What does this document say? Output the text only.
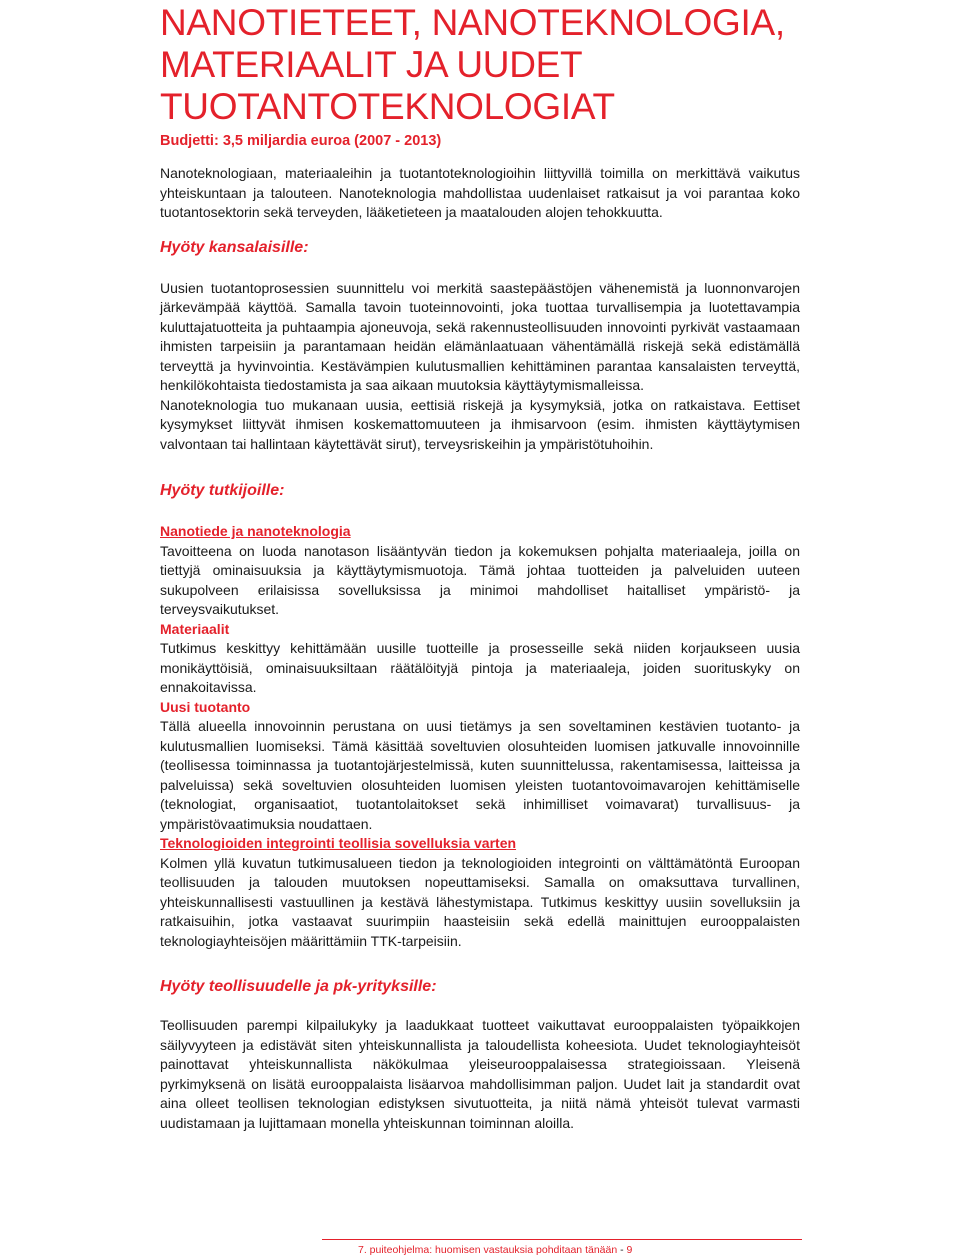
NANOTIETEET, NANOTEKNOLOGIA,
MATERIAALIT JA UUDET
TUOTANTOTEKNOLOGIAT
Budjetti: 3,5 miljardia euroa (2007 - 2013)

Nanoteknologiaan, materiaaleihin ja tuotantoteknologioihin liittyvillä toimilla on merkittävä vaikutus yhteiskuntaan ja talouteen. Nanoteknologia mahdollistaa uudenlaiset ratkaisut ja voi parantaa koko tuotantosektorin sekä terveyden, lääketieteen ja maatalouden alojen tehokkuutta.

Hyöty kansalaisille:

Uusien tuotantoprosessien suunnittelu voi merkitä saastepäästöjen vähenemistä ja luonnonvarojen järkevämpää käyttöä. Samalla tavoin tuoteinnovointi, joka tuottaa turvallisempia ja luotettavampia kuluttajatuotteita ja puhtaampia ajoneuvoja, sekä rakennusteollisuuden innovointi pyrkivät vastaamaan ihmisten tarpeisiin ja parantamaan heidän elämänlaatuaan vähentämällä riskejä sekä edistämällä terveyttä ja hyvinvointia. Kestävämpien kulutusmallien kehittäminen parantaa kansalaisten terveyttä, henkilökohtaista tiedostamista ja saa aikaan muutoksia käyttäytymismalleissa.

Nanoteknologia tuo mukanaan uusia, eettisiä riskejä ja kysymyksiä, jotka on ratkaistava. Eettiset kysymykset liittyvät ihmisen koskemattomuuteen ja ihmisarvoon (esim. ihmisten käyttäytymisen valvontaan tai hallintaan käytettävät sirut), terveysriskeihin ja ympäristötuhoihin.

Hyöty tutkijoille:
Nanotiede ja nanoteknologia

Tavoitteena on luoda nanotason lisääntyvän tiedon ja kokemuksen pohjalta materiaaleja, joilla on tiettyjä ominaisuuksia ja käyttäytymismuotoja. Tämä johtaa tuotteiden ja palveluiden uuteen sukupolveen erilaisissa sovelluksissa ja minimoi mahdolliset haitalliset ympäristö- ja terveysvaikutukset.

Materiaalit

Tutkimus keskittyy kehittämään uusille tuotteille ja prosesseille sekä niiden korjaukseen uusia monikäyttöisiä, ominaisuuksiltaan räätälöityjä pintoja ja materiaaleja, joiden suorituskyky on ennakoitavissa.

Uusi tuotanto

Tällä alueella innovoinnin perustana on uusi tietämys ja sen soveltaminen kestävien tuotanto- ja kulutusmallien luomiseksi. Tämä käsittää soveltuvien olosuhteiden luomisen jatkuvalle innovoinnille (teollisessa toiminnassa ja tuotantojärjestelmissä, kuten suunnittelussa, rakentamisessa, laitteissa ja palveluissa) sekä soveltuvien olosuhteiden luomisen yleisten tuotantovoimavarojen kehittämiselle (teknologiat, organisaatiot, tuotantolaitokset sekä inhimilliset voimavarat) turvallisuus- ja ympäristövaatimuksia noudattaen.

Teknologioiden integrointi teollisia sovelluksia varten

Kolmen yllä kuvatun tutkimusalueen tiedon ja teknologioiden integrointi on välttämätöntä Euroopan teollisuuden ja talouden muutoksen nopeuttamiseksi. Samalla on omaksuttava turvallinen, yhteiskunnallisesti vastuullinen ja kestävä lähestymistapa. Tutkimus keskittyy uusiin sovelluksiin ja ratkaisuihin, jotka vastaavat suurimpiin haasteisiin sekä edellä mainittujen eurooppalaisten teknologiayhteisöjen määrittämiin TTK-tarpeisiin.

Hyöty teollisuudelle ja pk-yrityksille:

Teollisuuden parempi kilpailukyky ja laadukkaat tuotteet vaikuttavat eurooppalaisten työpaikkojen säilyvyyteen ja edistävät siten yhteiskunnallista ja taloudellista koheesiota. Uudet teknologiayhteisöt painottavat yhteiskunnallista näkökulmaa yleiseurooppalaisessa strategioissaan. Yleisenä pyrkimyksenä on lisätä eurooppalaista lisäarvoa mahdollisimman paljon. Uudet lait ja standardit ovat aina olleet teollisen teknologian edistyksen sivutuotteita, ja niitä nämä yhteisöt tulevat varmasti uudistamaan ja lujittamaan monella yhteiskunnan toiminnan aloilla.

7. puiteohjelma: huomisen vastauksia pohditaan tänään - 9
